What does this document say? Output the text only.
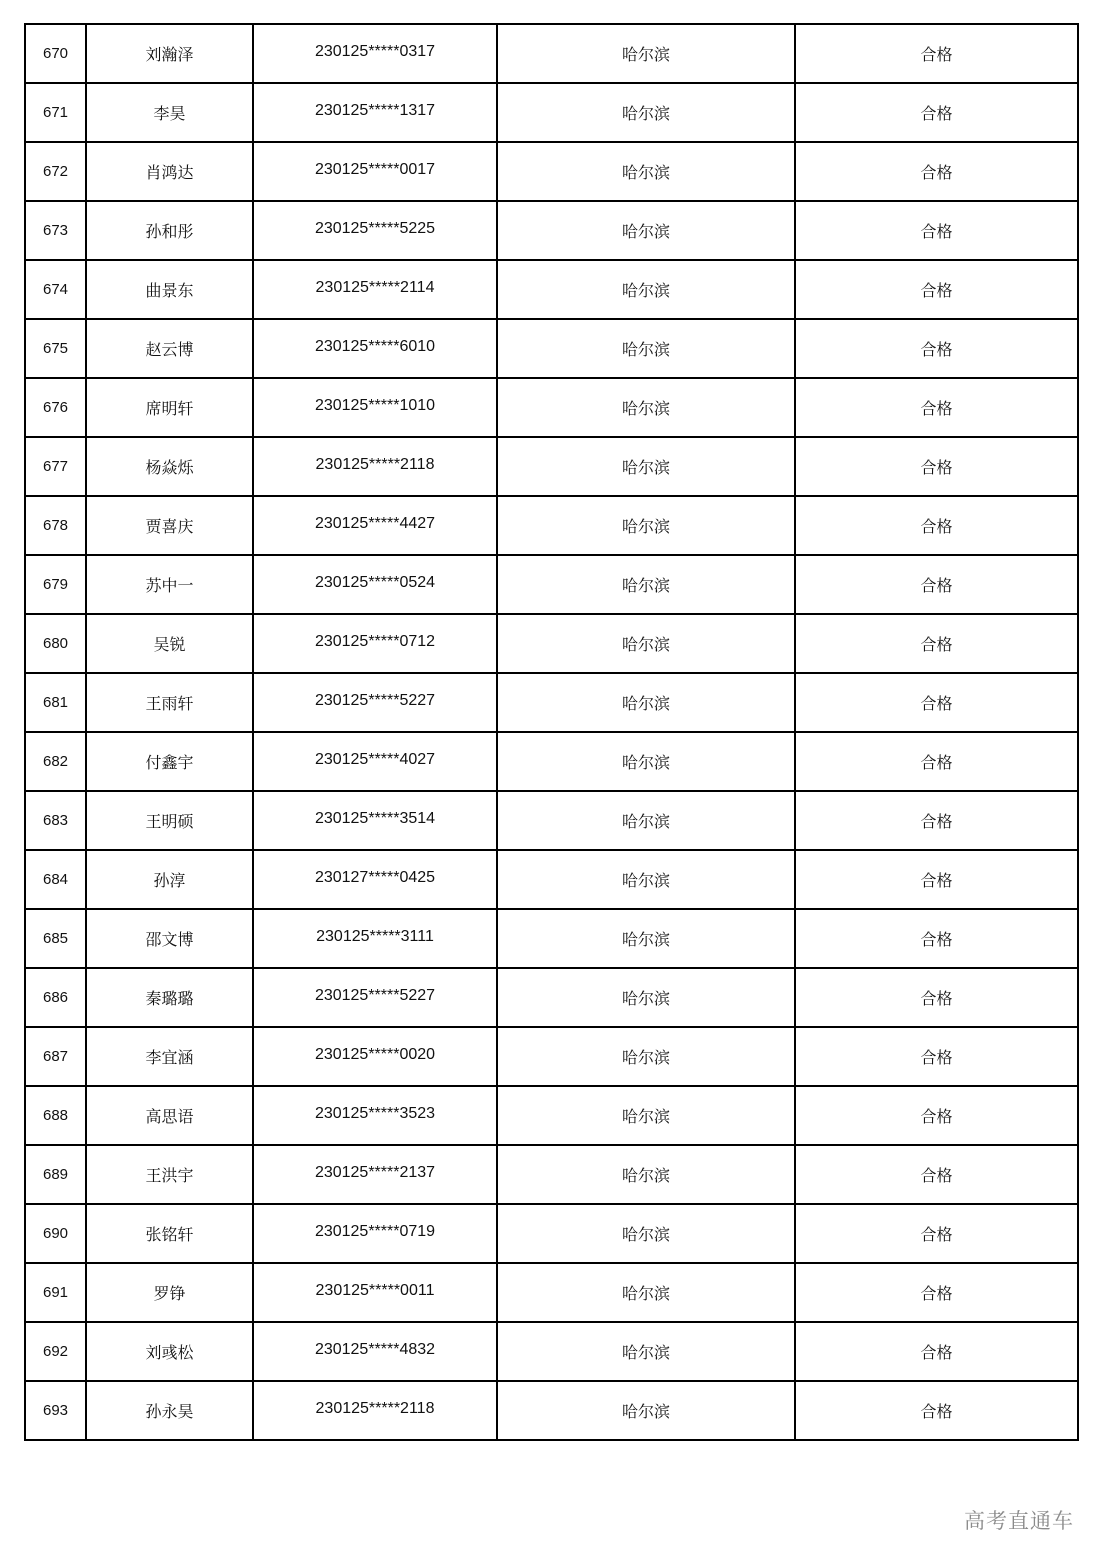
670	刘瀚泽	230125*****0317	哈尔滨	合格
671	李昊	230125*****1317	哈尔滨	合格
672	肖鸿达	230125*****0017	哈尔滨	合格
673	孙和彤	230125*****5225	哈尔滨	合格
674	曲景东	230125*****2114	哈尔滨	合格
675	赵云博	230125*****6010	哈尔滨	合格
676	席明轩	230125*****1010	哈尔滨	合格
677	杨焱烁	230125*****2118	哈尔滨	合格
678	贾喜庆	230125*****4427	哈尔滨	合格
679	苏中一	230125*****0524	哈尔滨	合格
680	吴锐	230125*****0712	哈尔滨	合格
681	王雨轩	230125*****5227	哈尔滨	合格
682	付鑫宇	230125*****4027	哈尔滨	合格
683	王明硕	230125*****3514	哈尔滨	合格
684	孙淳	230127*****0425	哈尔滨	合格
685	邵文博	230125*****3111	哈尔滨	合格
686	秦璐璐	230125*****5227	哈尔滨	合格
687	李宜涵	230125*****0020	哈尔滨	合格
688	高思语	230125*****3523	哈尔滨	合格
689	王洪宇	230125*****2137	哈尔滨	合格
690	张铭轩	230125*****0719	哈尔滨	合格
691	罗铮	230125*****0011	哈尔滨	合格
692	刘彧松	230125*****4832	哈尔滨	合格
693	孙永昊	230125*****2118	哈尔滨	合格
高考直通车
